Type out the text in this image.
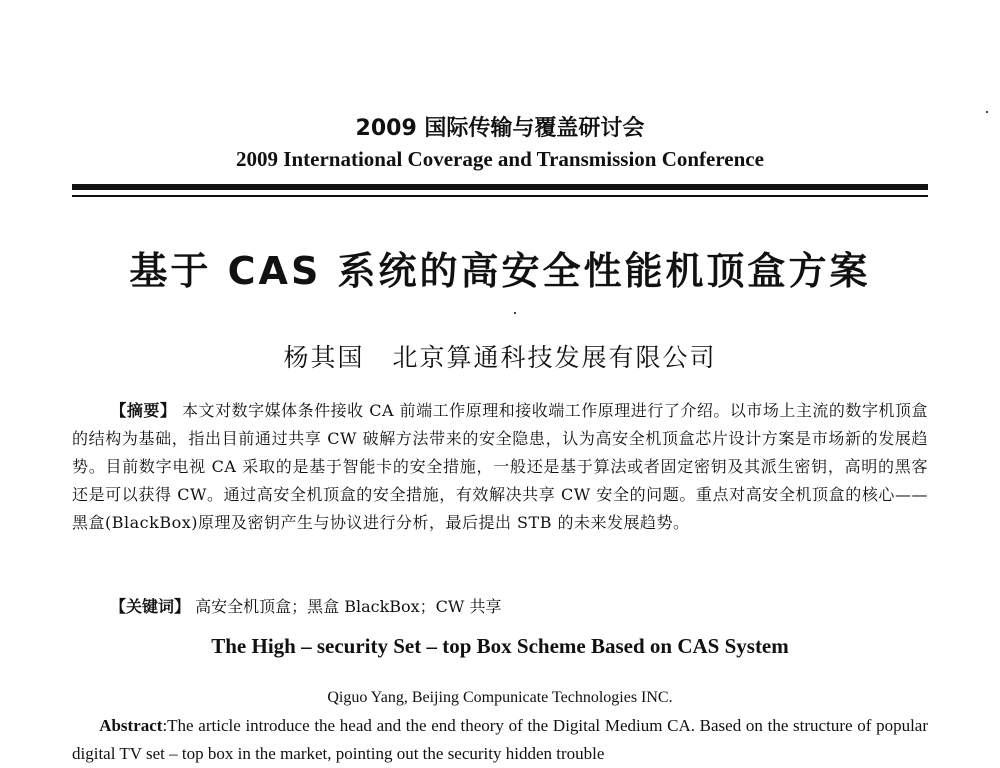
2009 国际传输与覆盖研讨会
2009 International Coverage and Transmission Conference
基于 CAS 系统的高安全性能机顶盒方案
杨其国 北京算通科技发展有限公司
【摘要】 本文对数字媒体条件接收 CA 前端工作原理和接收端工作原理进行了介绍。以市场上主流的数字机顶盒的结构为基础，指出目前通过共享 CW 破解方法带来的安全隐患，认为高安全机顶盒芯片设计方案是市场新的发展趋势。目前数字电视 CA 采取的是基于智能卡的安全措施，一般还是基于算法或者固定密钥及其派生密钥，高明的黑客还是可以获得 CW。通过高安全机顶盒的安全措施，有效解决共享 CW 安全的问题。重点对高安全机顶盒的核心——黑盒(BlackBox)原理及密钥产生与协议进行分析，最后提出 STB 的未来发展趋势。
【关键词】 高安全机顶盒；黑盒 BlackBox；CW 共享
The High – security Set – top Box Scheme Based on CAS System
Qiguo Yang, Beijing Compunicate Technologies INC.
Abstract:The article introduce the head and the end theory of the Digital Medium CA. Based on the structure of popular digital TV set – top box in the market, pointing out the security hidden trouble
